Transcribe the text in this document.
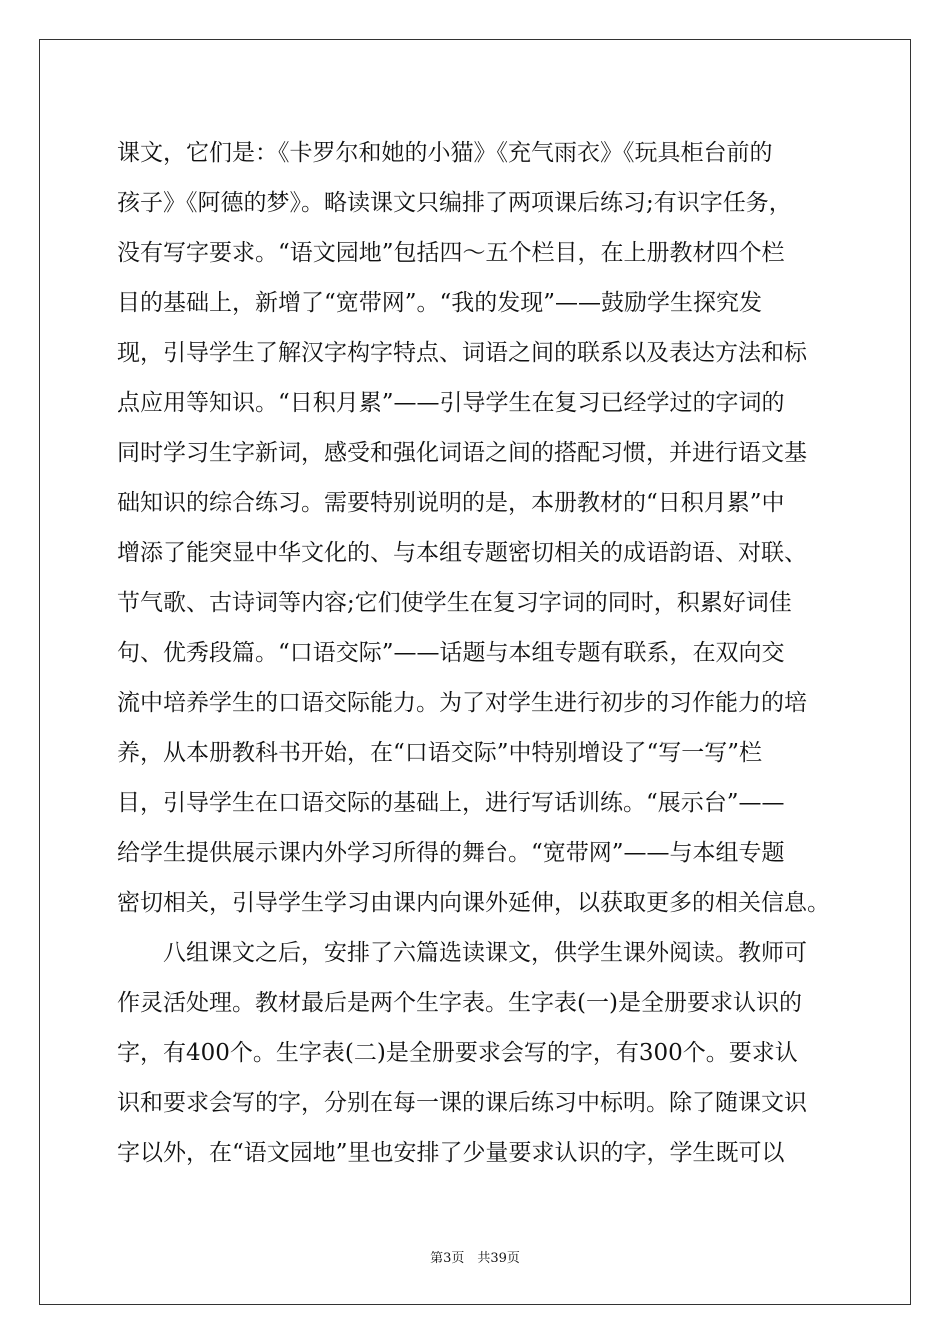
课文，它们是：《卡罗尔和她的小猫》《充气雨衣》《玩具柜台前的
孩子》《阿德的梦》。略读课文只编排了两项课后练习;有识字任务，
没有写字要求。“语文园地”包括四～五个栏目，在上册教材四个栏
目的基础上，新增了“宽带网”。“我的发现”——鼓励学生探究发
现，引导学生了解汉字构字特点、词语之间的联系以及表达方法和标
点应用等知识。“日积月累”——引导学生在复习已经学过的字词的
同时学习生字新词，感受和强化词语之间的搭配习惯，并进行语文基
础知识的综合练习。需要特别说明的是，本册教材的“日积月累”中
增添了能突显中华文化的、与本组专题密切相关的成语韵语、对联、
节气歌、古诗词等内容;它们使学生在复习字词的同时，积累好词佳
句、优秀段篇。“口语交际”——话题与本组专题有联系，在双向交
流中培养学生的口语交际能力。为了对学生进行初步的习作能力的培
养，从本册教科书开始，在“口语交际”中特别增设了“写一写”栏
目，引导学生在口语交际的基础上，进行写话训练。“展示台”——
给学生提供展示课内外学习所得的舞台。“宽带网”——与本组专题
密切相关，引导学生学习由课内向课外延伸，以获取更多的相关信息。
　　八组课文之后，安排了六篇选读课文，供学生课外阅读。教师可
作灵活处理。教材最后是两个生字表。生字表(一)是全册要求认识的
字，有400个。生字表(二)是全册要求会写的字，有300个。要求认
识和要求会写的字，分别在每一课的课后练习中标明。除了随课文识
字以外，在“语文园地”里也安排了少量要求认识的字，学生既可以
第3页　共39页
